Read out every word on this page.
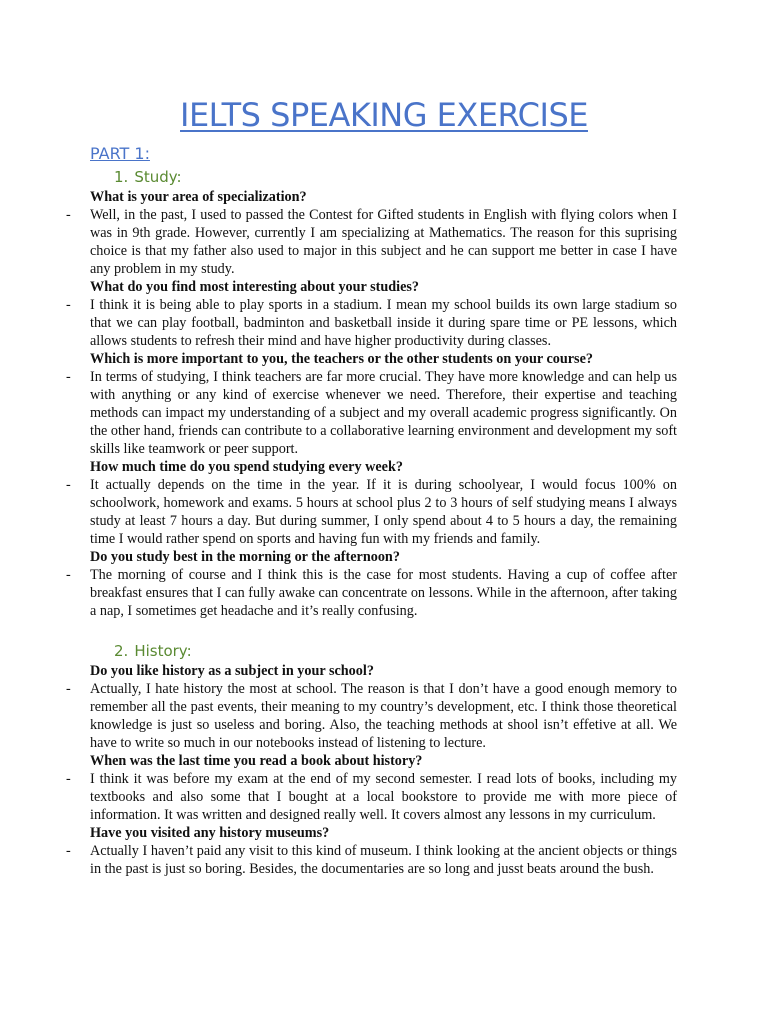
IELTS SPEAKING EXERCISE
PART 1:
1. Study:
What is your area of specialization?
- Well, in the past, I used to passed the Contest for Gifted students in English with flying colors when I was in 9th grade. However, currently I am specializing at Mathematics. The reason for this suprising choice is that my father also used to major in this subject and he can support me better in case I have any problem in my study.
What do you find most interesting about your studies?
- I think it is being able to play sports in a stadium. I mean my school builds its own large stadium so that we can play football, badminton and basketball inside it during spare time or PE lessons, which allows students to refresh their mind and have higher productivity during classes.
Which is more important to you, the teachers or the other students on your course?
- In terms of studying, I think teachers are far more crucial. They have more knowledge and can help us with anything or any kind of exercise whenever we need. Therefore, their expertise and teaching methods can impact my understanding of a subject and my overall academic progress significantly. On the other hand, friends can contribute to a collaborative learning environment and development my soft skills like teamwork or peer support.
How much time do you spend studying every week?
- It actually depends on the time in the year. If it is during schoolyear, I would focus 100% on schoolwork, homework and exams. 5 hours at school plus 2 to 3 hours of self studying means I always study at least 7 hours a day. But during summer, I only spend about 4 to 5 hours a day, the remaining time I would rather spend on sports and having fun with my friends and family.
Do you study best in the morning or the afternoon?
- The morning of course and I think this is the case for most students. Having a cup of coffee after breakfast ensures that I can fully awake can concentrate on lessons. While in the afternoon, after taking a nap, I sometimes get headache and it’s really confusing.
2. History:
Do you like history as a subject in your school?
- Actually, I hate history the most at school. The reason is that I don’t have a good enough memory to remember all the past events, their meaning to my country’s development, etc. I think those theoretical knowledge is just so useless and boring. Also, the teaching methods at shool isn’t effetive at all. We have to write so much in our notebooks instead of listening to lecture.
When was the last time you read a book about history?
- I think it was before my exam at the end of my second semester. I read lots of books, including my textbooks and also some that I bought at a local bookstore to provide me with more piece of information. It was written and designed really well. It covers almost any lessons in my curriculum.
Have you visited any history museums?
- Actually I haven’t paid any visit to this kind of museum. I think looking at the ancient objects or things in the past is just so boring. Besides, the documentaries are so long and jusst beats around the bush.
